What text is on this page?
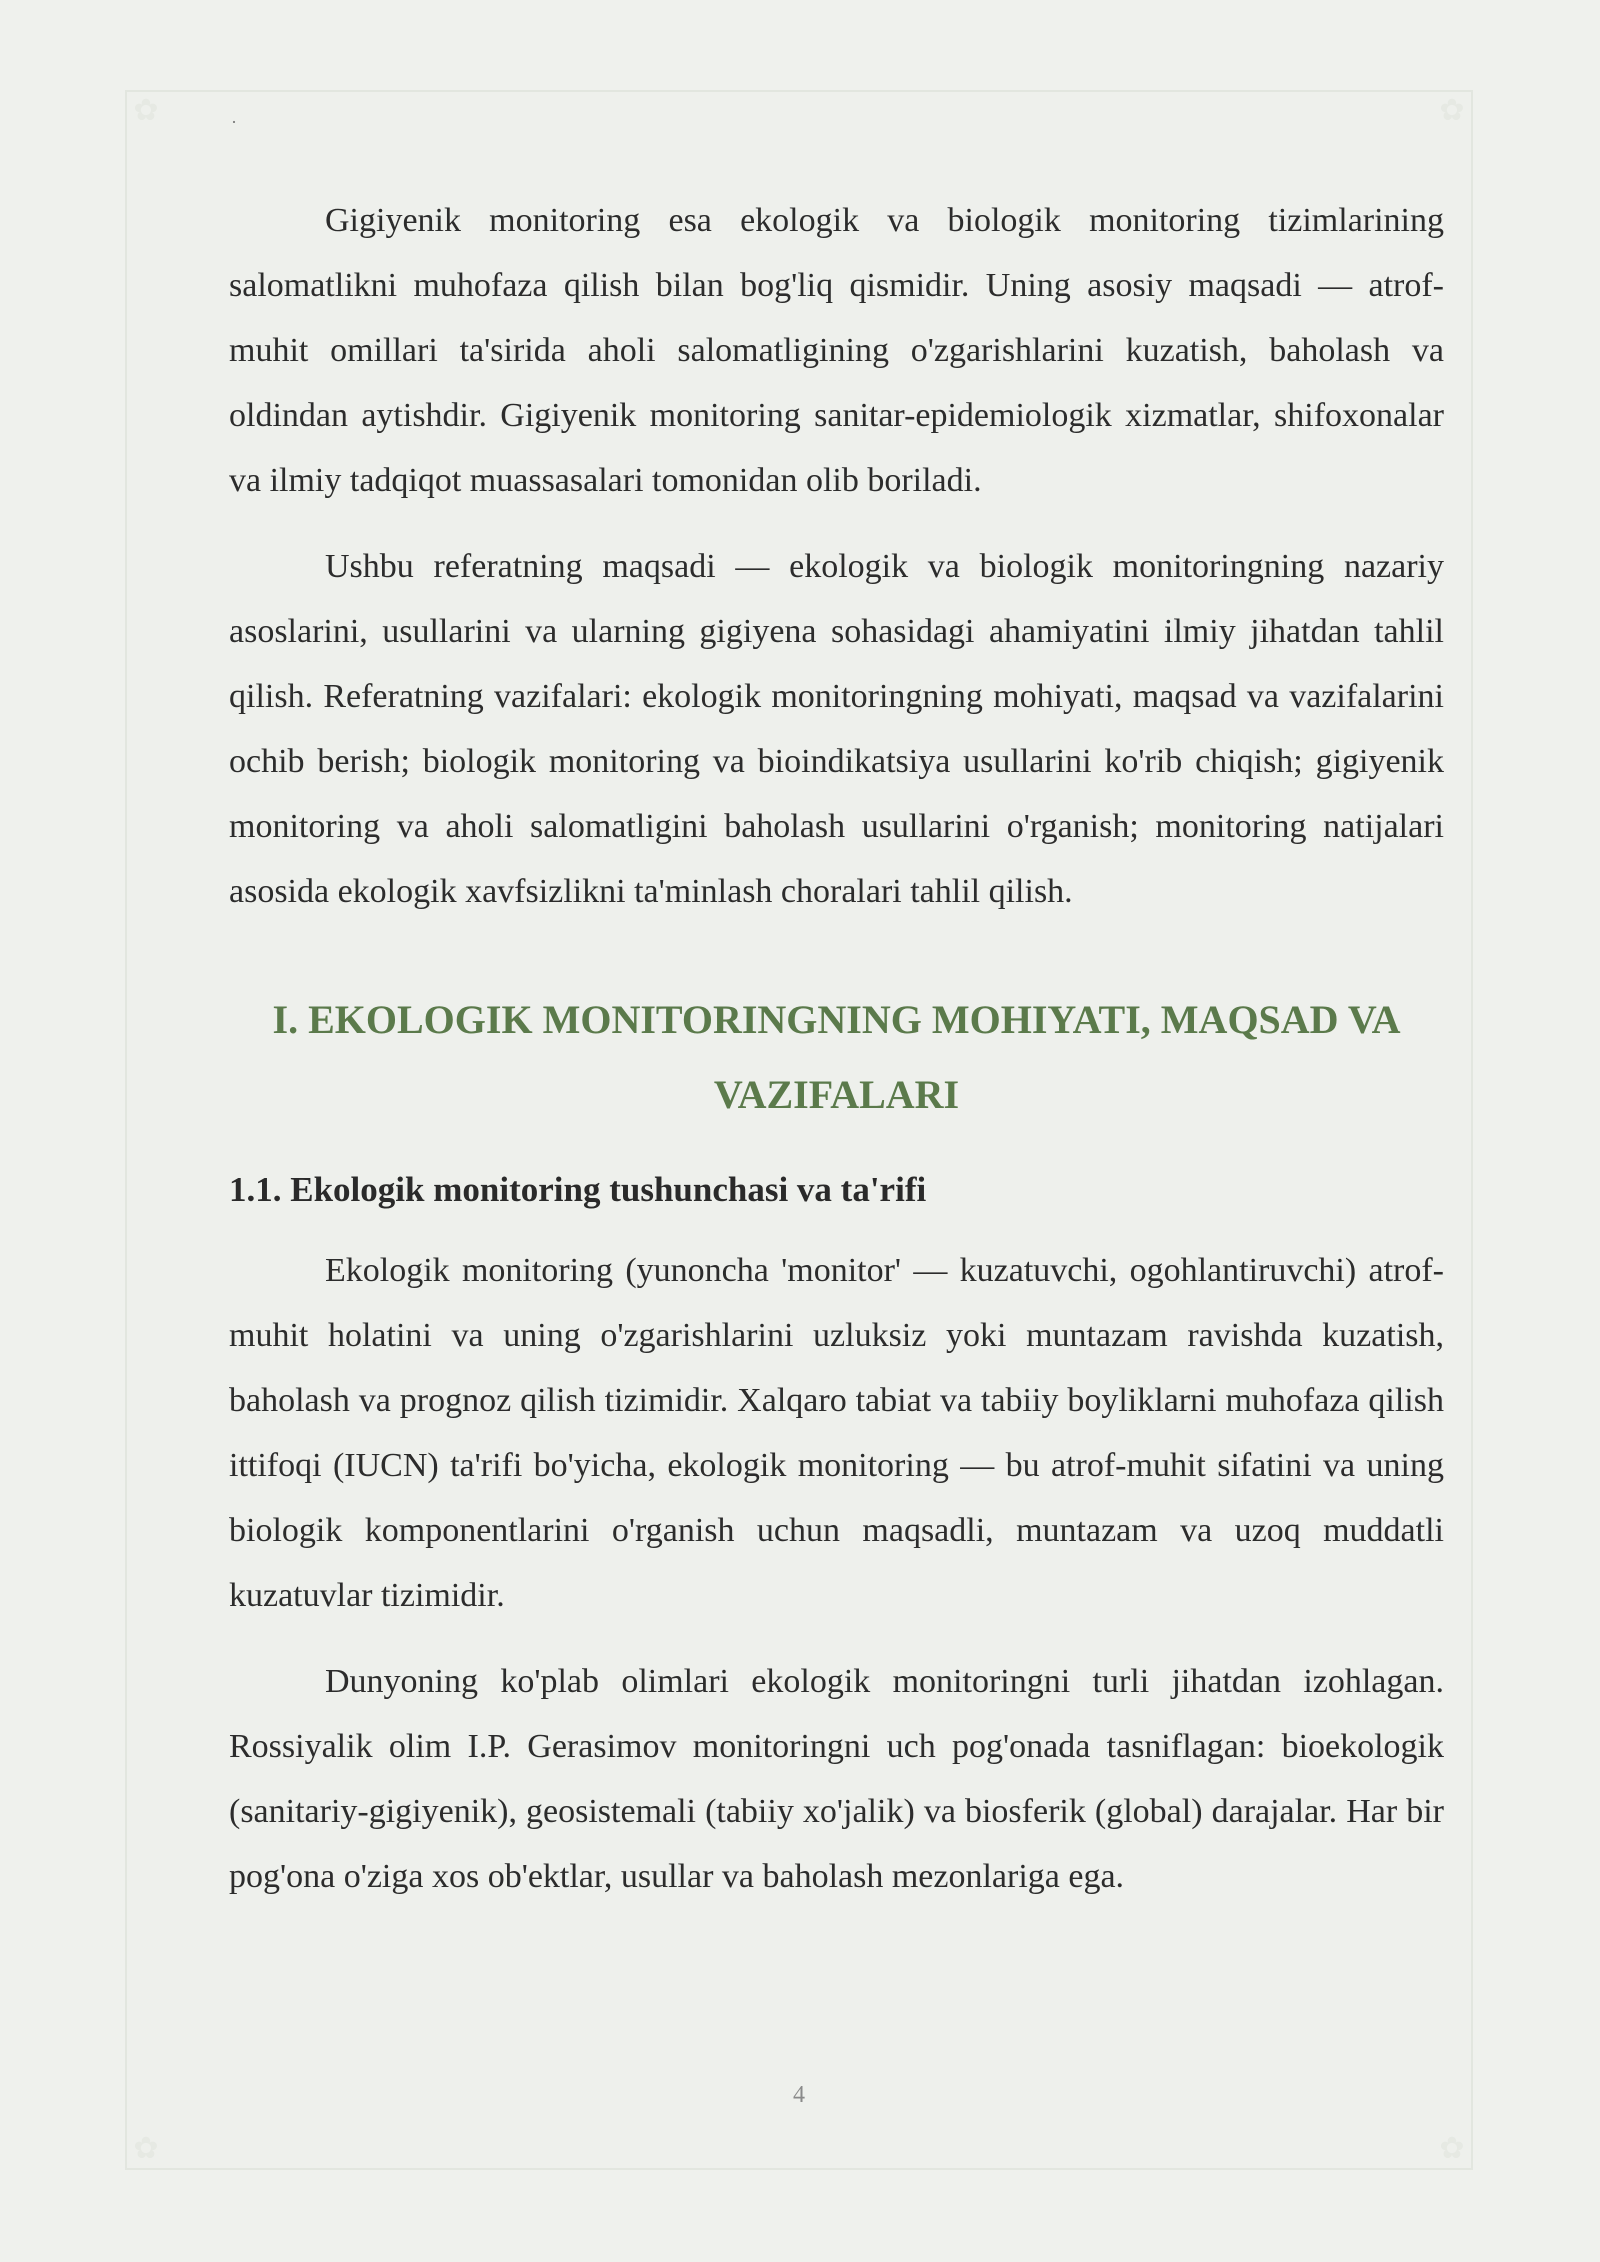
✿	✿
✿	✿
·

Gigiyenik monitoring esa ekologik va biologik monitoring tizimlarining salomatlikni muhofaza qilish bilan bog'liq qismidir. Uning asosiy maqsadi — atrof-muhit omillari ta'sirida aholi salomatligining o'zgarishlarini kuzatish, baholash va oldindan aytishdir. Gigiyenik monitoring sanitar-epidemiologik xizmatlar, shifoxonalar va ilmiy tadqiqot muassasalari tomonidan olib boriladi.

Ushbu referatning maqsadi — ekologik va biologik monitoringning nazariy asoslarini, usullarini va ularning gigiyena sohasidagi ahamiyatini ilmiy jihatdan tahlil qilish. Referatning vazifalari: ekologik monitoringning mohiyati, maqsad va vazifalarini ochib berish; biologik monitoring va bioindikatsiya usullarini ko'rib chiqish; gigiyenik monitoring va aholi salomatligini baholash usullarini o'rganish; monitoring natijalari asosida ekologik xavfsizlikni ta'minlash choralari tahlil qilish.

I. EKOLOGIK MONITORINGNING MOHIYATI, MAQSAD VA VAZIFALARI
1.1. Ekologik monitoring tushunchasi va ta'rifi

Ekologik monitoring (yunoncha 'monitor' — kuzatuvchi, ogohlantiruvchi) atrof-muhit holatini va uning o'zgarishlarini uzluksiz yoki muntazam ravishda kuzatish, baholash va prognoz qilish tizimidir. Xalqaro tabiat va tabiiy boyliklarni muhofaza qilish ittifoqi (IUCN) ta'rifi bo'yicha, ekologik monitoring — bu atrof-muhit sifatini va uning biologik komponentlarini o'rganish uchun maqsadli, muntazam va uzoq muddatli kuzatuvlar tizimidir.

Dunyoning ko'plab olimlari ekologik monitoringni turli jihatdan izohlagan. Rossiyalik olim I.P. Gerasimov monitoringni uch pog'onada tasniflagan: bioekologik (sanitariy-gigiyenik), geosistemali (tabiiy xo'jalik) va biosferik (global) darajalar. Har bir pog'ona o'ziga xos ob'ektlar, usullar va baholash mezonlariga ega.

4
